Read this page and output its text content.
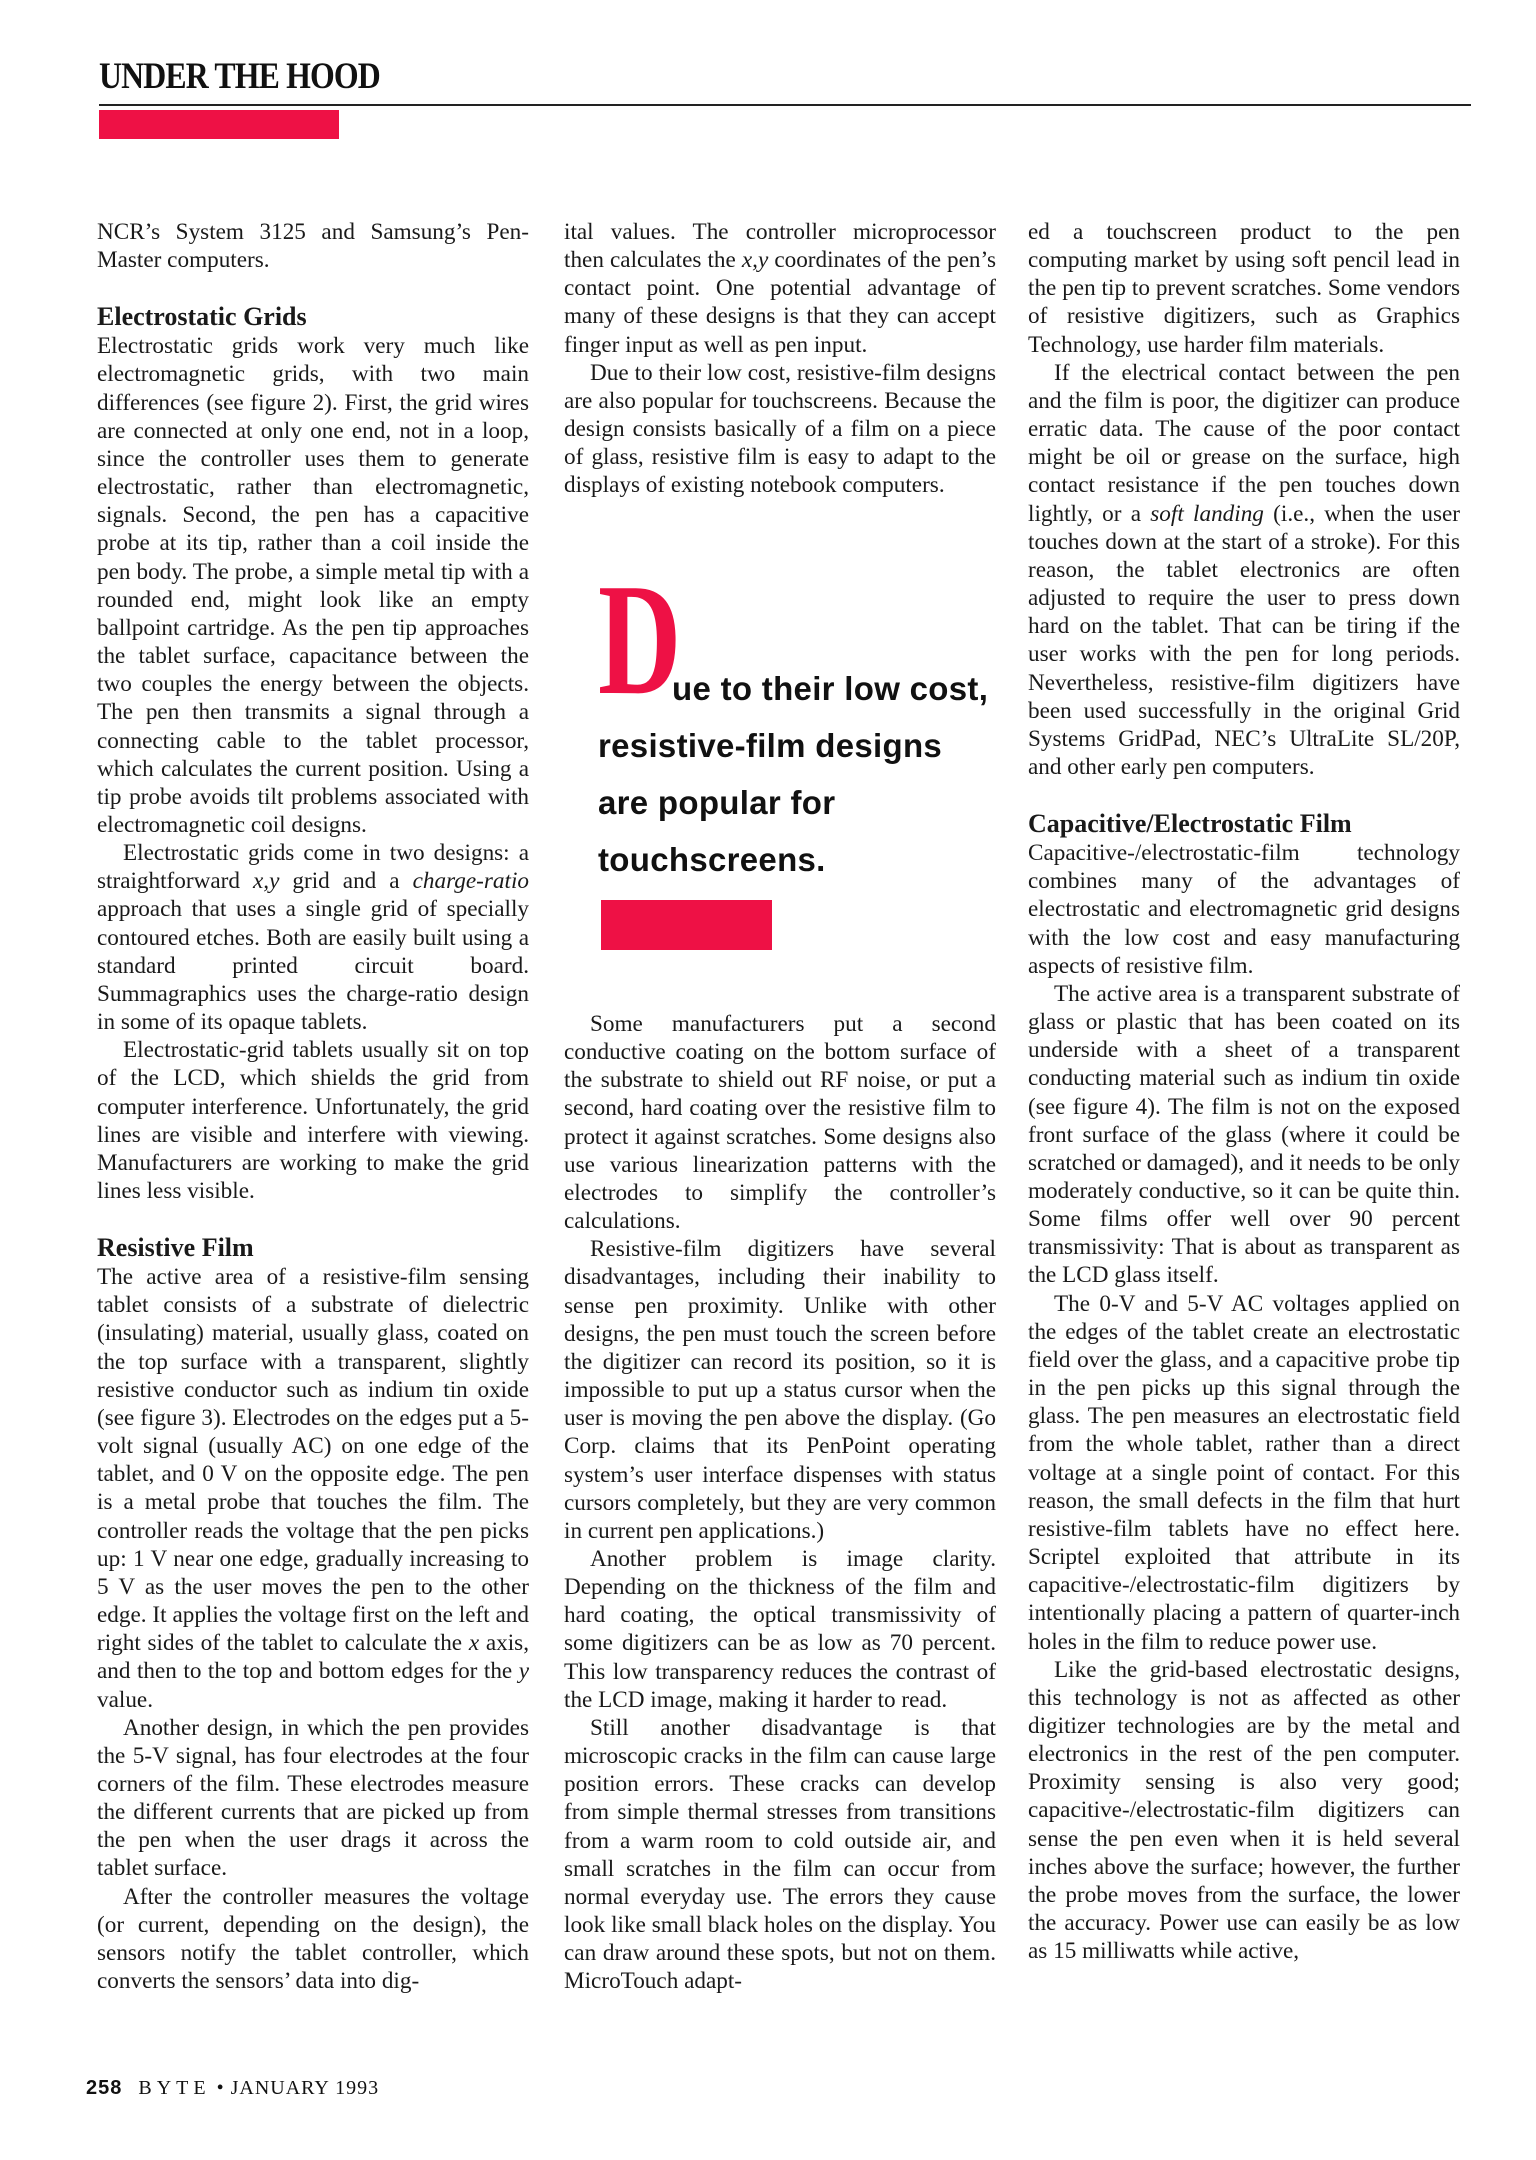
UNDER THE HOOD

NCR’s System 3125 and Samsung’s Pen-Master computers.

Electrostatic Grids

Electrostatic grids work very much like electromagnetic grids, with two main differences (see figure 2). First, the grid wires are connected at only one end, not in a loop, since the controller uses them to generate electrostatic, rather than electromagnetic, signals. Second, the pen has a capacitive probe at its tip, rather than a coil inside the pen body. The probe, a simple metal tip with a rounded end, might look like an empty ballpoint cartridge. As the pen tip approaches the tablet surface, capacitance between the two couples the energy between the objects. The pen then transmits a signal through a connecting cable to the tablet processor, which calculates the current position. Using a tip probe avoids tilt problems associated with electromagnetic coil designs.

Electrostatic grids come in two designs: a straightforward x,y grid and a charge-ratio approach that uses a single grid of specially contoured etches. Both are easily built using a standard printed circuit board. Summagraphics uses the charge-ratio design in some of its opaque tablets.

Electrostatic-grid tablets usually sit on top of the LCD, which shields the grid from computer interference. Unfortunately, the grid lines are visible and interfere with viewing. Manufacturers are working to make the grid lines less visible.

Resistive Film

The active area of a resistive-film sensing tablet consists of a substrate of dielectric (insulating) material, usually glass, coated on the top surface with a transparent, slightly resistive conductor such as indium tin oxide (see figure 3). Electrodes on the edges put a 5-volt signal (usually AC) on one edge of the tablet, and 0 V on the opposite edge. The pen is a metal probe that touches the film. The controller reads the voltage that the pen picks up: 1 V near one edge, gradually increasing to 5 V as the user moves the pen to the other edge. It applies the voltage first on the left and right sides of the tablet to calculate the x axis, and then to the top and bottom edges for the y value.

Another design, in which the pen provides the 5-V signal, has four electrodes at the four corners of the film. These electrodes measure the different currents that are picked up from the pen when the user drags it across the tablet surface.

After the controller measures the voltage (or current, depending on the design), the sensors notify the tablet controller, which converts the sensors’ data into dig-

ital values. The controller microprocessor then calculates the x,y coordinates of the pen’s contact point. One potential advantage of many of these designs is that they can accept finger input as well as pen input.

Due to their low cost, resistive-film designs are also popular for touchscreens. Because the design consists basically of a film on a piece of glass, resistive film is easy to adapt to the displays of existing notebook computers.

D
ue to their low cost, resistive-film designs are popular for touchscreens.

Some manufacturers put a second conductive coating on the bottom surface of the substrate to shield out RF noise, or put a second, hard coating over the resistive film to protect it against scratches. Some designs also use various linearization patterns with the electrodes to simplify the controller’s calculations.

Resistive-film digitizers have several disadvantages, including their inability to sense pen proximity. Unlike with other designs, the pen must touch the screen before the digitizer can record its position, so it is impossible to put up a status cursor when the user is moving the pen above the display. (Go Corp. claims that its PenPoint operating system’s user interface dispenses with status cursors completely, but they are very common in current pen applications.)

Another problem is image clarity. Depending on the thickness of the film and hard coating, the optical transmissivity of some digitizers can be as low as 70 percent. This low transparency reduces the contrast of the LCD image, making it harder to read.

Still another disadvantage is that microscopic cracks in the film can cause large position errors. These cracks can develop from simple thermal stresses from transitions from a warm room to cold outside air, and small scratches in the film can occur from normal everyday use. The errors they cause look like small black holes on the display. You can draw around these spots, but not on them. MicroTouch adapt-

ed a touchscreen product to the pen computing market by using soft pencil lead in the pen tip to prevent scratches. Some vendors of resistive digitizers, such as Graphics Technology, use harder film materials.

If the electrical contact between the pen and the film is poor, the digitizer can produce erratic data. The cause of the poor contact might be oil or grease on the surface, high contact resistance if the pen touches down lightly, or a soft landing (i.e., when the user touches down at the start of a stroke). For this reason, the tablet electronics are often adjusted to require the user to press down hard on the tablet. That can be tiring if the user works with the pen for long periods. Nevertheless, resistive-film digitizers have been used successfully in the original Grid Systems GridPad, NEC’s UltraLite SL/20P, and other early pen computers.

Capacitive/Electrostatic Film

Capacitive-/electrostatic-film technology combines many of the advantages of electrostatic and electromagnetic grid designs with the low cost and easy manufacturing aspects of resistive film.

The active area is a transparent substrate of glass or plastic that has been coated on its underside with a sheet of a transparent conducting material such as indium tin oxide (see figure 4). The film is not on the exposed front surface of the glass (where it could be scratched or damaged), and it needs to be only moderately conductive, so it can be quite thin. Some films offer well over 90 percent transmissivity: That is about as transparent as the LCD glass itself.

The 0-V and 5-V AC voltages applied on the edges of the tablet create an electrostatic field over the glass, and a capacitive probe tip in the pen picks up this signal through the glass. The pen measures an electrostatic field from the whole tablet, rather than a direct voltage at a single point of contact. For this reason, the small defects in the film that hurt resistive-film tablets have no effect here. Scriptel exploited that attribute in its capacitive-/electrostatic-film digitizers by intentionally placing a pattern of quarter-inch holes in the film to reduce power use.

Like the grid-based electrostatic designs, this technology is not as affected as other digitizer technologies are by the metal and electronics in the rest of the pen computer. Proximity sensing is also very good; capacitive-/electrostatic-film digitizers can sense the pen even when it is held several inches above the surface; however, the further the probe moves from the surface, the lower the accuracy. Power use can easily be as low as 15 milliwatts while active,

258 BYTE • JANUARY 1993
